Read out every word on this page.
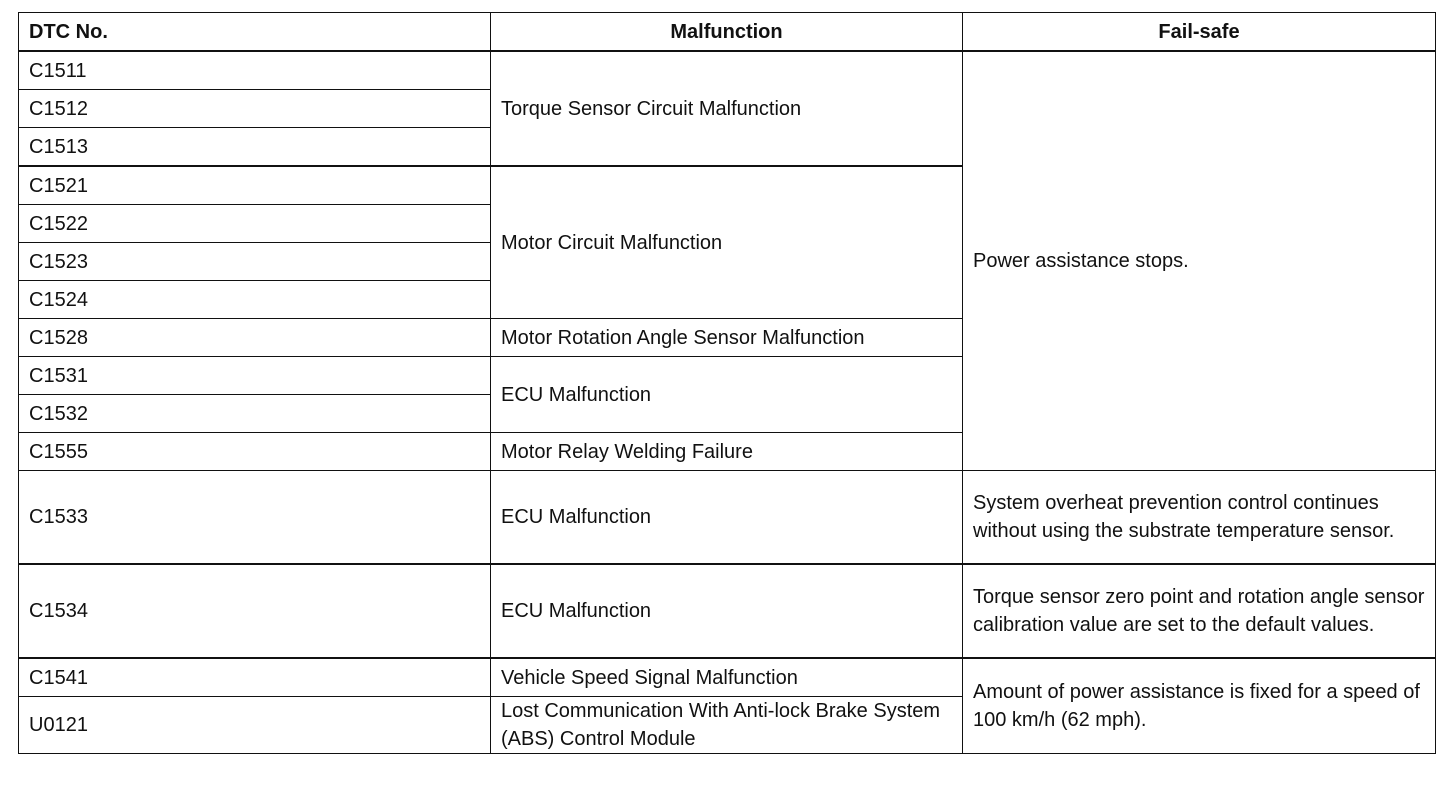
DTC No.	Malfunction	Fail-safe
C1511	Torque Sensor Circuit Malfunction	Power assistance stops.
C1512		
C1513		
C1521	Motor Circuit Malfunction	
C1522		
C1523		
C1524		
C1528	Motor Rotation Angle Sensor Malfunction	
C1531	ECU Malfunction	
C1532		
C1555	Motor Relay Welding Failure	
C1533	ECU Malfunction	System overheat prevention control continues without using the substrate temperature sensor.
C1534	ECU Malfunction	Torque sensor zero point and rotation angle sensor calibration value are set to the default values.
C1541	Vehicle Speed Signal Malfunction	Amount of power assistance is fixed for a speed of 100 km/h (62 mph).
U0121	Lost Communication With Anti-lock Brake System (ABS) Control Module	
